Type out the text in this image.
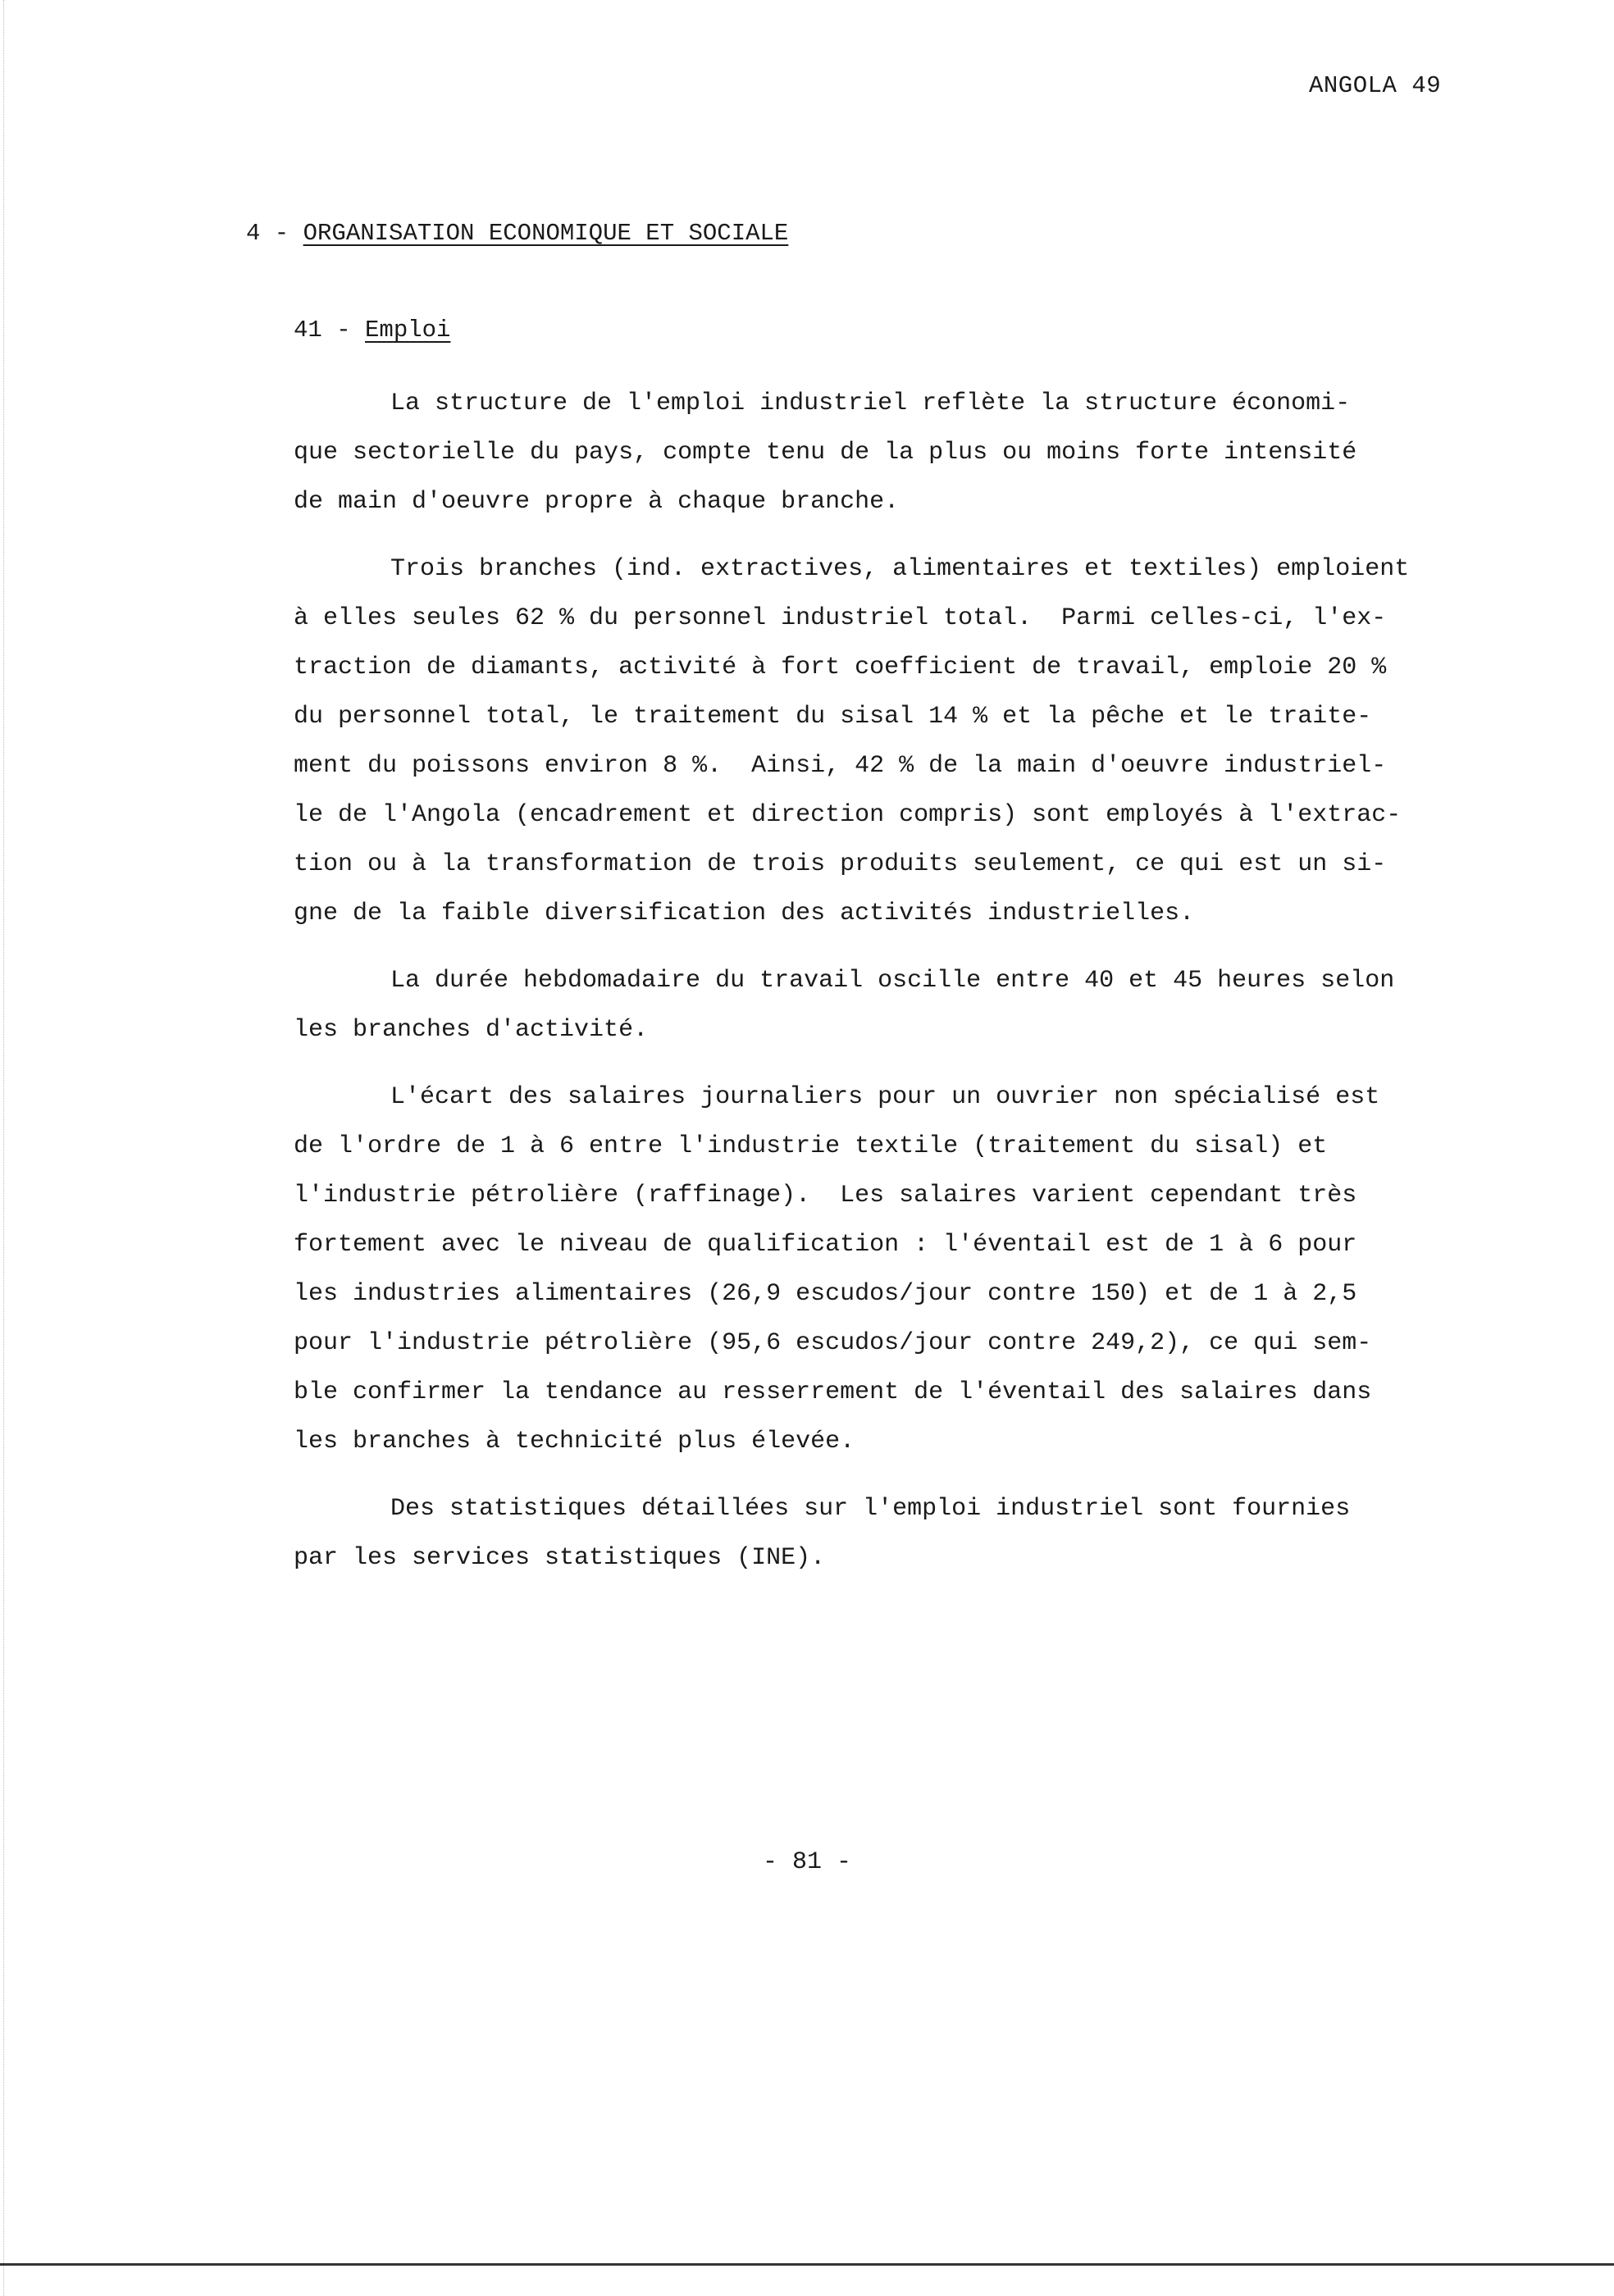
ANGOLA 49
4 - ORGANISATION ECONOMIQUE ET SOCIALE
41 - Emploi

La structure de l'emploi industriel reflète la structure économi-
que sectorielle du pays, compte tenu de la plus ou moins forte intensité
de main d'oeuvre propre à chaque branche.

Trois branches (ind. extractives, alimentaires et textiles) emploient
à elles seules 62 % du personnel industriel total.  Parmi celles-ci, l'ex-
traction de diamants, activité à fort coefficient de travail, emploie 20 %
du personnel total, le traitement du sisal 14 % et la pêche et le traite-
ment du poissons environ 8 %.  Ainsi, 42 % de la main d'oeuvre industriel-
le de l'Angola (encadrement et direction compris) sont employés à l'extrac-
tion ou à la transformation de trois produits seulement, ce qui est un si-
gne de la faible diversification des activités industrielles.

La durée hebdomadaire du travail oscille entre 40 et 45 heures selon
les branches d'activité.

L'écart des salaires journaliers pour un ouvrier non spécialisé est
de l'ordre de 1 à 6 entre l'industrie textile (traitement du sisal) et
l'industrie pétrolière (raffinage).  Les salaires varient cependant très
fortement avec le niveau de qualification : l'éventail est de 1 à 6 pour
les industries alimentaires (26,9 escudos/jour contre 150) et de 1 à 2,5
pour l'industrie pétrolière (95,6 escudos/jour contre 249,2), ce qui sem-
ble confirmer la tendance au resserrement de l'éventail des salaires dans
les branches à technicité plus élevée.

Des statistiques détaillées sur l'emploi industriel sont fournies
par les services statistiques (INE).

- 81 -
